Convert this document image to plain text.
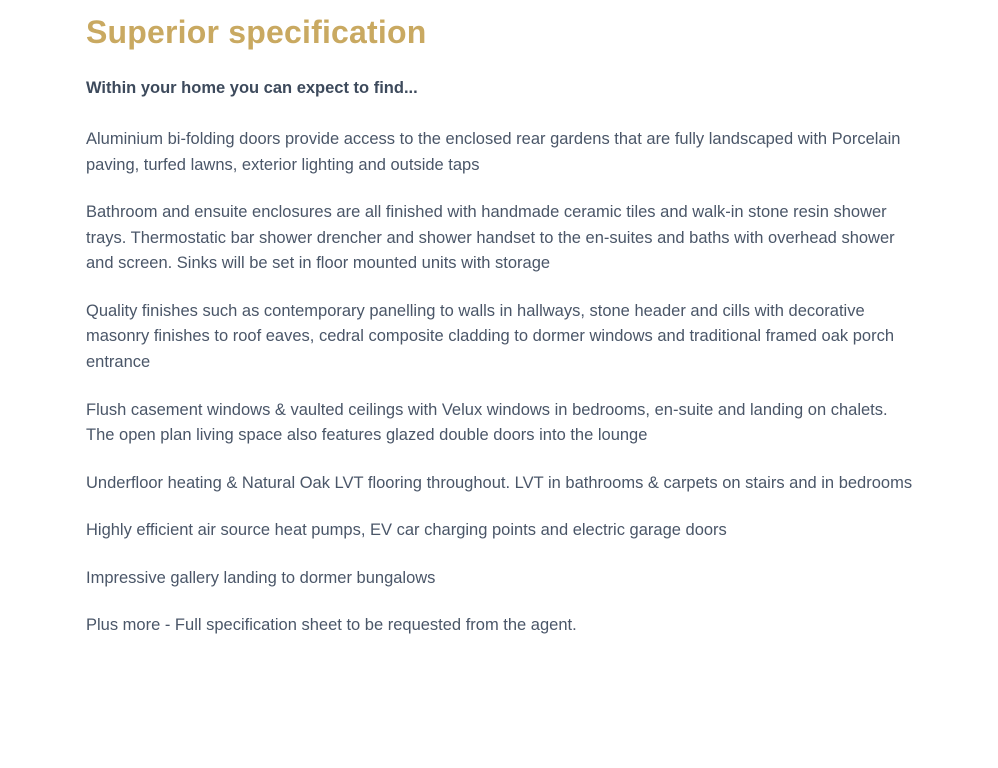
Superior specification

Within your home you can expect to find...

Aluminium bi-folding doors provide access to the enclosed rear gardens that are fully landscaped with Porcelain paving, turfed lawns, exterior lighting and outside taps
Bathroom and ensuite enclosures are all finished with handmade ceramic tiles and walk-in stone resin shower trays. Thermostatic bar shower drencher and shower handset to the en-suites and baths with overhead shower and screen. Sinks will be set in floor mounted units with storage
Quality finishes such as contemporary panelling to walls in hallways, stone header and cills with decorative masonry finishes to roof eaves, cedral composite cladding to dormer windows and traditional framed oak porch entrance
Flush casement windows & vaulted ceilings with Velux windows in bedrooms, en-suite and landing on chalets. The open plan living space also features glazed double doors into the lounge
Underfloor heating & Natural Oak LVT flooring throughout. LVT in bathrooms & carpets on stairs and in bedrooms
Highly efficient air source heat pumps, EV car charging points and electric garage doors
Impressive gallery landing to dormer bungalows
Plus more - Full specification sheet to be requested from the agent.
